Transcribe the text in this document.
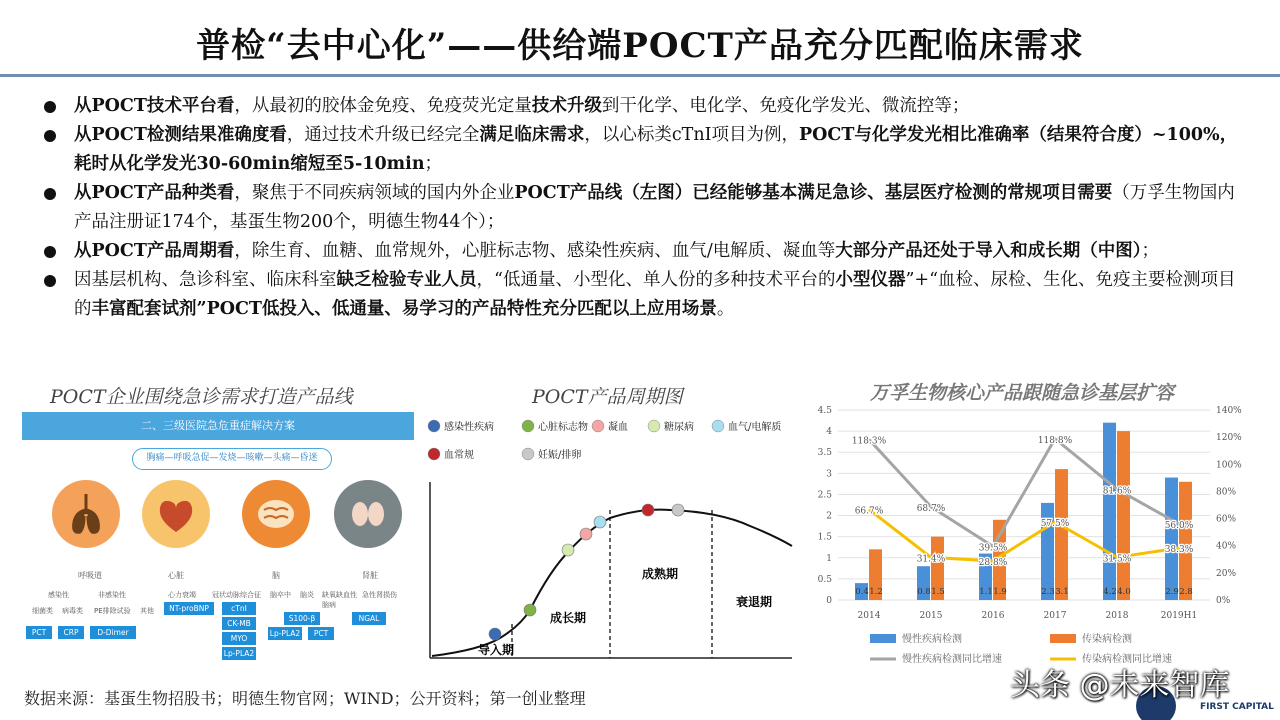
普检“去中心化”——供给端POCT产品充分匹配临床需求
从POCT技术平台看，从最初的胶体金免疫、免疫荧光定量技术升级到干化学、电化学、免疫化学发光、微流控等；
从POCT检测结果准确度看，通过技术升级已经完全满足临床需求，以心标类cTnI项目为例，POCT与化学发光相比准确率（结果符合度）~100%，耗时从化学发光30-60min缩短至5-10min；
从POCT产品种类看，聚焦于不同疾病领域的国内外企业POCT产品线（左图）已经能够基本满足急诊、基层医疗检测的常规项目需要（万孚生物国内产品注册证174个，基蛋生物200个，明德生物44个）；
从POCT产品周期看，除生育、血糖、血常规外，心脏标志物、感染性疾病、血气/电解质、凝血等大部分产品还处于导入和成长期（中图）；
因基层机构、急诊科室、临床科室缺乏检验专业人员，“低通量、小型化、单人份的多种技术平台的小型仪器”+“血检、尿检、生化、免疫主要检测项目的丰富配套试剂”POCT低投入、低通量、易学习的产品特性充分匹配以上应用场景。
POCT企业围绕急诊需求打造产品线	POCT产品周期图	万孚生物核心产品跟随急诊基层扩容
二、三级医院急危重症解决方案
胸痛—呼吸急促—发烧—咳嗽—头痛—昏迷
呼吸道	心脏	脑	肾脏
感染性	非感染性
细菌类 病毒类 PE排除试验 其他
心力衰竭 冠状动脉综合征 脑卒中 脑炎 缺氧缺血性脑病
急性肾损伤
PCT	CRP	D-Dimer
NT-proBNP	cTnI
CK-MB
MYO
Lp-PLA2
S100-β
Lp-PLA2	PCT
NGAL
感染性疾病	心脏标志物 凝血	糖尿病	血气/电解质
血常规	妊娠/排卵
导入期
成长期
成熟期
衰退期	0
0.5
1
1.5
2
2.5
3
3.5
4
4.5
0%
20%
40%
60%
80%
100%
120%
140%
2014
0.4 1.2
2015
0.8 1.5
2016
1.1 1.9
2017
2.3 3.1
2018
4.2 4.0
2019H1
2.9 2.8
118.3%
68.7%
39.5%
118.8%
81.6%
56.0%
66.7%
31.4%	28.8%
57.5%
31.5%
38.3%
慢性疾病检测	传染病检测
慢性疾病检测同比增速	传染病检测同比增速
数据来源：基蛋生物招股书；明德生物官网；WIND；公开资料；第一创业整理	头条 @未来智库
FIRST CAPITAL
